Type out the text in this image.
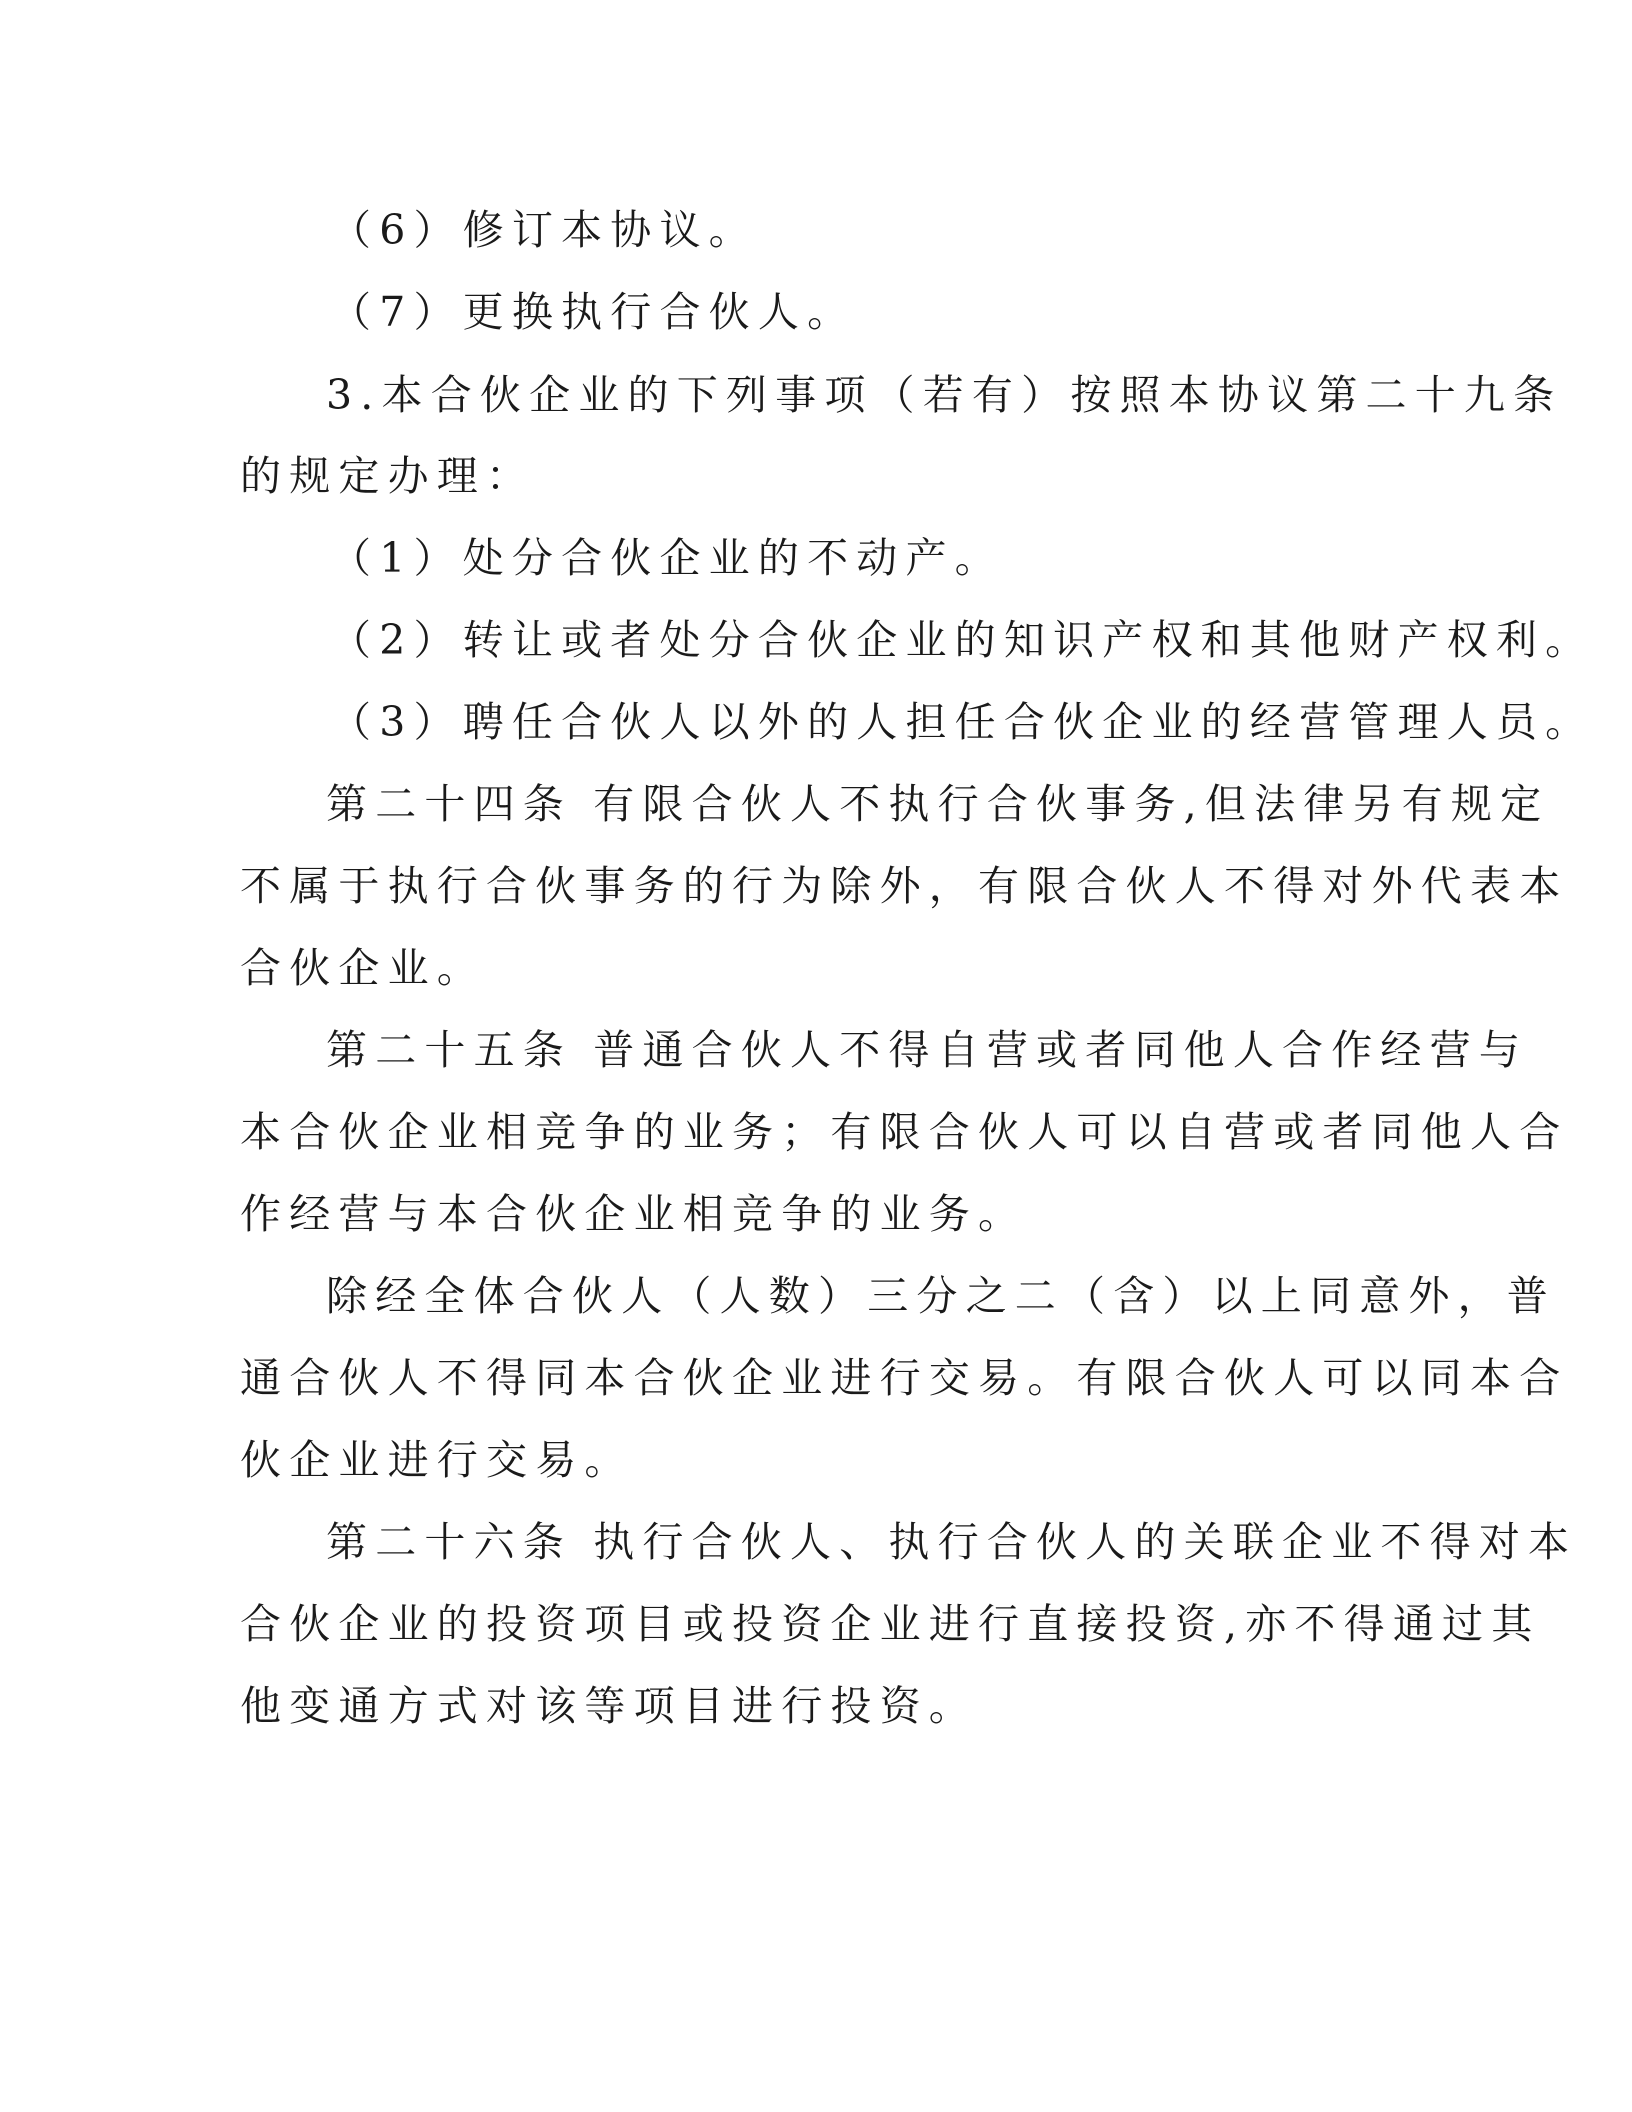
（6）修订本协议。

（7）更换执行合伙人。

3.本合伙企业的下列事项（若有）按照本协议第二十九条

的规定办理：

（1）处分合伙企业的不动产。

（2）转让或者处分合伙企业的知识产权和其他财产权利。

（3）聘任合伙人以外的人担任合伙企业的经营管理人员。

第二十四条 有限合伙人不执行合伙事务,但法律另有规定

不属于执行合伙事务的行为除外，有限合伙人不得对外代表本

合伙企业。

第二十五条 普通合伙人不得自营或者同他人合作经营与

本合伙企业相竞争的业务；有限合伙人可以自营或者同他人合

作经营与本合伙企业相竞争的业务。

除经全体合伙人（人数）三分之二（含）以上同意外，普

通合伙人不得同本合伙企业进行交易。有限合伙人可以同本合

伙企业进行交易。

第二十六条 执行合伙人、执行合伙人的关联企业不得对本

合伙企业的投资项目或投资企业进行直接投资,亦不得通过其

他变通方式对该等项目进行投资。
